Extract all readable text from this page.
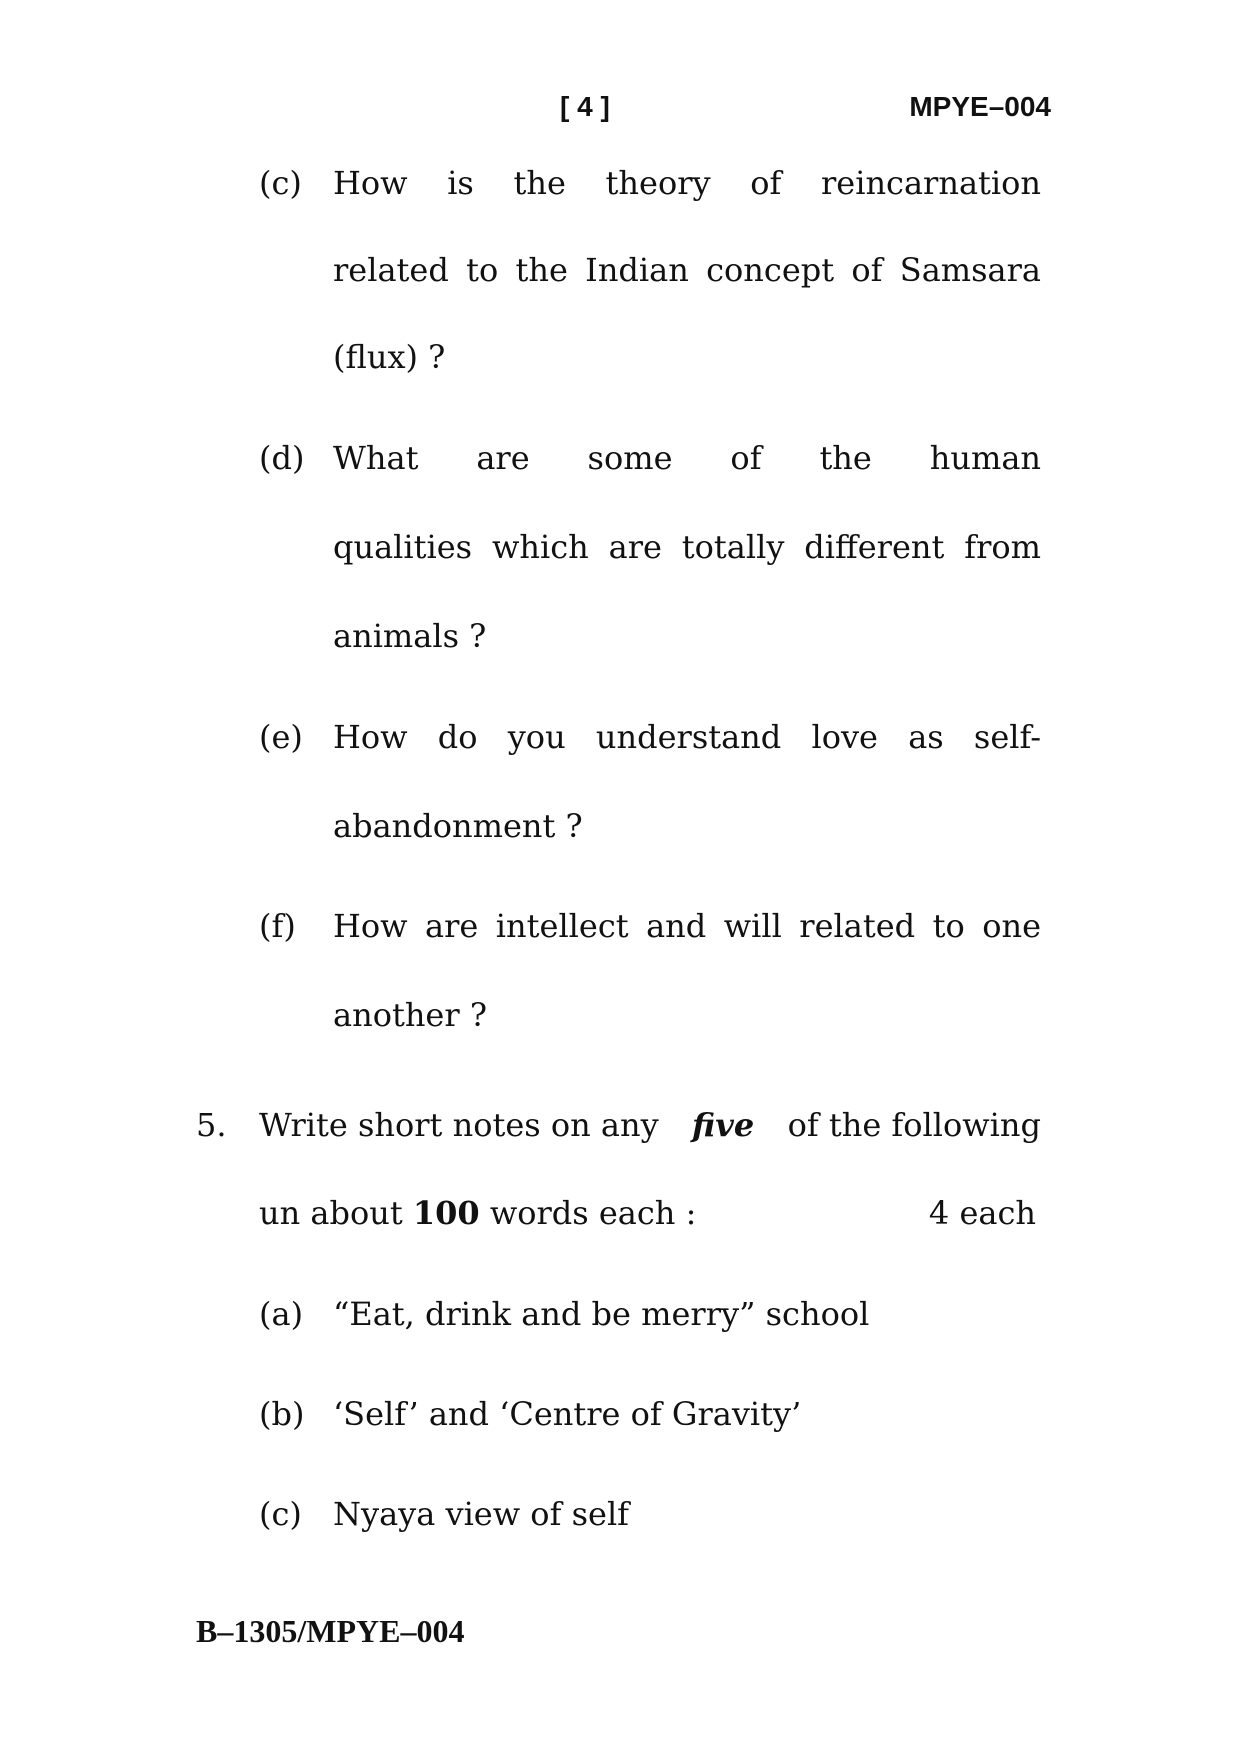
[ 4 ]	MPYE–004
(c) How is the theory of reincarnation
related to the Indian concept of Samsara
(flux) ?
(d) What are some of the human
qualities which are totally different from
animals ?
(e) How do you understand love as self-
abandonment ?
(f) How are intellect and will related to one
another ?
5. Write short notes on any five of the following
un about 100 words each :	4 each
(a) “Eat, drink and be merry” school
(b) ‘Self’ and ‘Centre of Gravity’
(c) Nyaya view of self
B–1305/MPYE–004
